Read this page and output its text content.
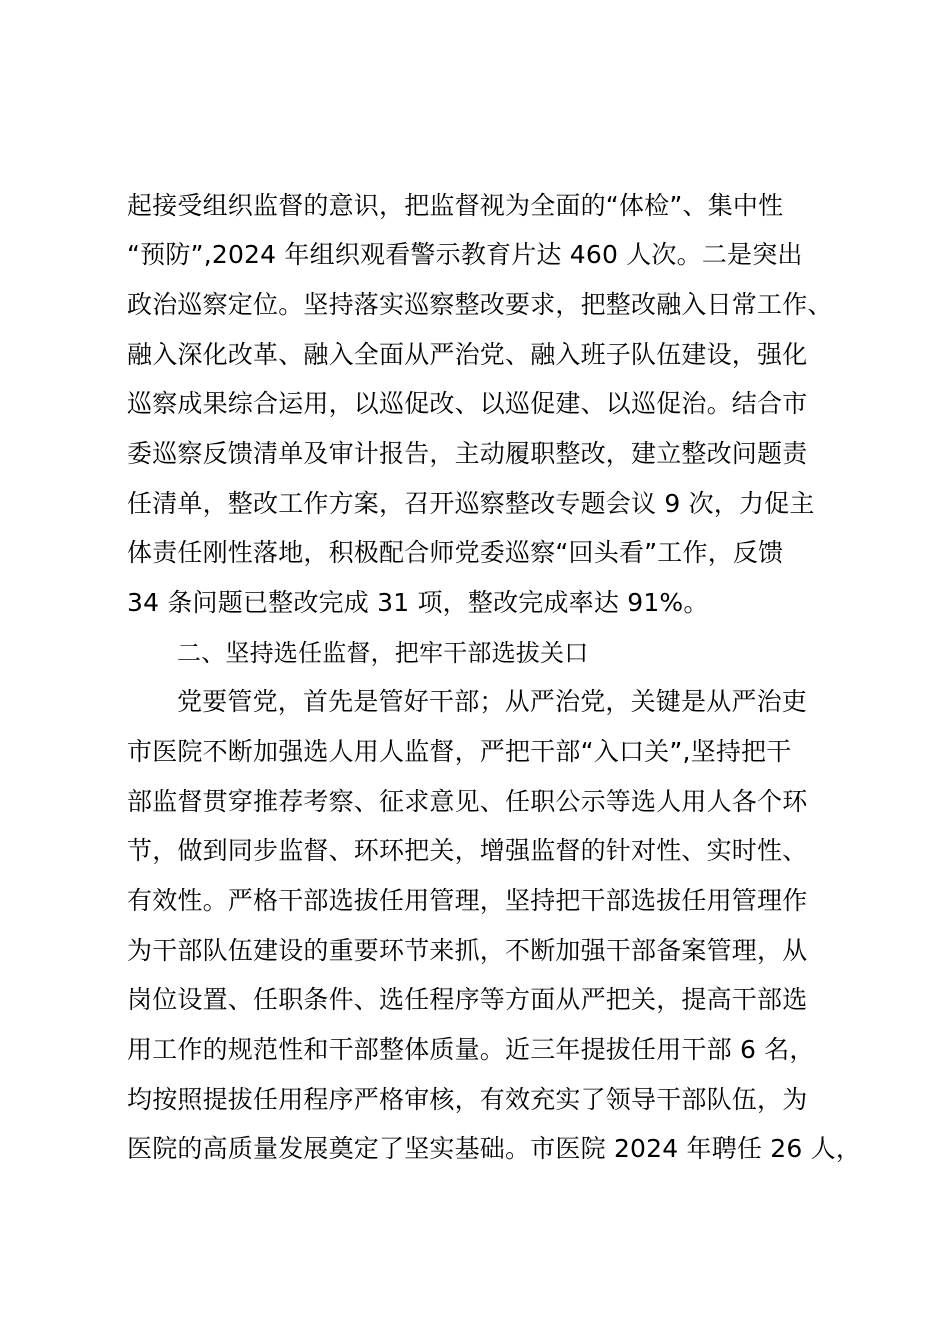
起接受组织监督的意识，把监督视为全面的“体检”、集中性
“预防”,2024 年组织观看警示教育片达 460 人次。二是突出
政治巡察定位。坚持落实巡察整改要求，把整改融入日常工作、
融入深化改革、融入全面从严治党、融入班子队伍建设，强化
巡察成果综合运用，以巡促改、以巡促建、以巡促治。结合市
委巡察反馈清单及审计报告，主动履职整改，建立整改问题责
任清单，整改工作方案，召开巡察整改专题会议 9 次，力促主
体责任刚性落地，积极配合师党委巡察“回头看”工作，反馈
34 条问题已整改完成 31 项，整改完成率达 91%。
二、坚持选任监督，把牢干部选拔关口
党要管党，首先是管好干部；从严治党，关键是从严治吏
市医院不断加强选人用人监督，严把干部“入口关”,坚持把干
部监督贯穿推荐考察、征求意见、任职公示等选人用人各个环
节，做到同步监督、环环把关，增强监督的针对性、实时性、
有效性。严格干部选拔任用管理，坚持把干部选拔任用管理作
为干部队伍建设的重要环节来抓，不断加强干部备案管理，从
岗位设置、任职条件、选任程序等方面从严把关，提高干部选
用工作的规范性和干部整体质量。近三年提拔任用干部 6 名，
均按照提拔任用程序严格审核，有效充实了领导干部队伍，为
医院的高质量发展奠定了坚实基础。市医院 2024 年聘任 26 人，
